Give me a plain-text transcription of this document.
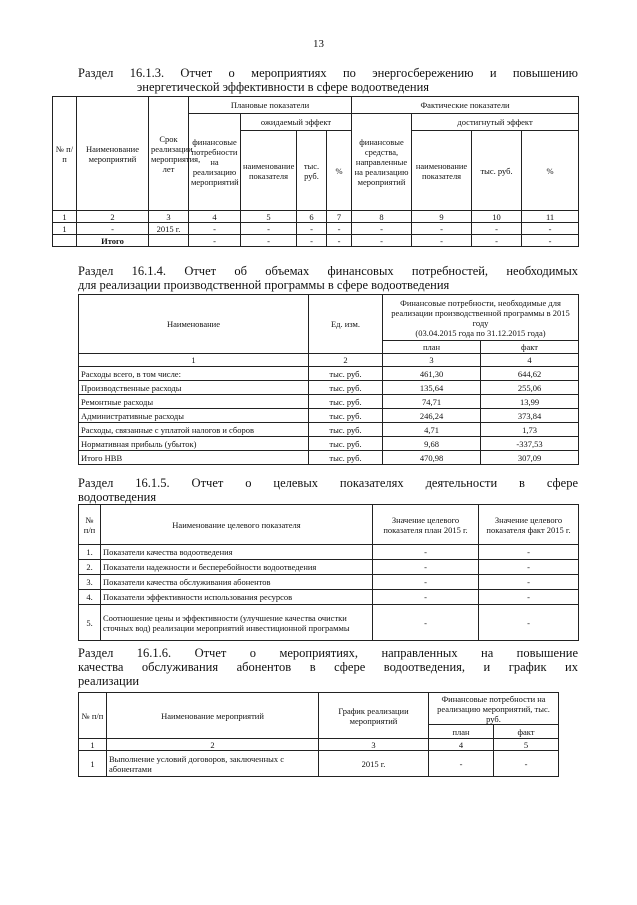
13
Раздел 16.1.3. Отчет о мероприятиях по энергосбережению и повышению
энергетической эффективности в сфере водоотведения
№ п/п	Наименование мероприятий	Срок реализации мероприятия, лет	Плановые показатели				Фактические показатели			
			финансовые потребности на реализацию мероприятий	ожидаемый эффект			финансовые средства, направленные на реализацию мероприятий	достигнутый эффект		
				наименование показателя	тыс. руб.	%		наименование показателя	тыс. руб.	%
1	2	3	4	5	6	7	8	9	10	11
1	-	2015 г.	-	-	-	-	-	-	-	-
	Итого		-	-	-	-	-	-	-	-
Раздел 16.1.4. Отчет об объемах финансовых потребностей, необходимых
для реализации производственной программы в сфере водоотведения
Наименование	Ед. изм.	Финансовые потребности, необходимые для реализации производственной программы в 2015 году
(03.04.2015 года по 31.12.2015 года)	

		план	факт
1	2	3	4
Расходы всего, в том числе:	тыс. руб.	461,30	644,62
Производственные расходы	тыс. руб.	135,64	255,06
Ремонтные расходы	тыс. руб.	74,71	13,99
Административные расходы	тыс. руб.	246,24	373,84
Расходы, связанные с уплатой налогов и сборов	тыс. руб.	4,71	1,73
Нормативная прибыль (убыток)	тыс. руб.	9,68	-337,53
Итого НВВ	тыс. руб.	470,98	307,09
Раздел 16.1.5. Отчет о целевых показателях деятельности в сфере
водоотведения
№ п/п	Наименование целевого показателя	Значение целевого показателя план 2015 г.	Значение целевого показателя факт 2015 г.
1.	Показатели качества водоотведения	-	-
2.	Показатели надежности и бесперебойности водоотведения	-	-
3.	Показатели качества обслуживания абонентов	-	-
4.	Показатели эффективности использования ресурсов	-	-
5.	Соотношение цены и эффективности (улучшение качества очистки сточных вод) реализации мероприятий инвестиционной программы	-	-
Раздел 16.1.6. Отчет о мероприятиях, направленных на повышение
качества обслуживания абонентов в сфере водоотведения, и график их
реализации
№ п/п	Наименование мероприятий	График реализации мероприятий	Финансовые потребности на реализацию мероприятий, тыс. руб.	
			план	факт
1	2	3	4	5
1	Выполнение условий договоров, заключенных с абонентами	2015 г.	-	-
